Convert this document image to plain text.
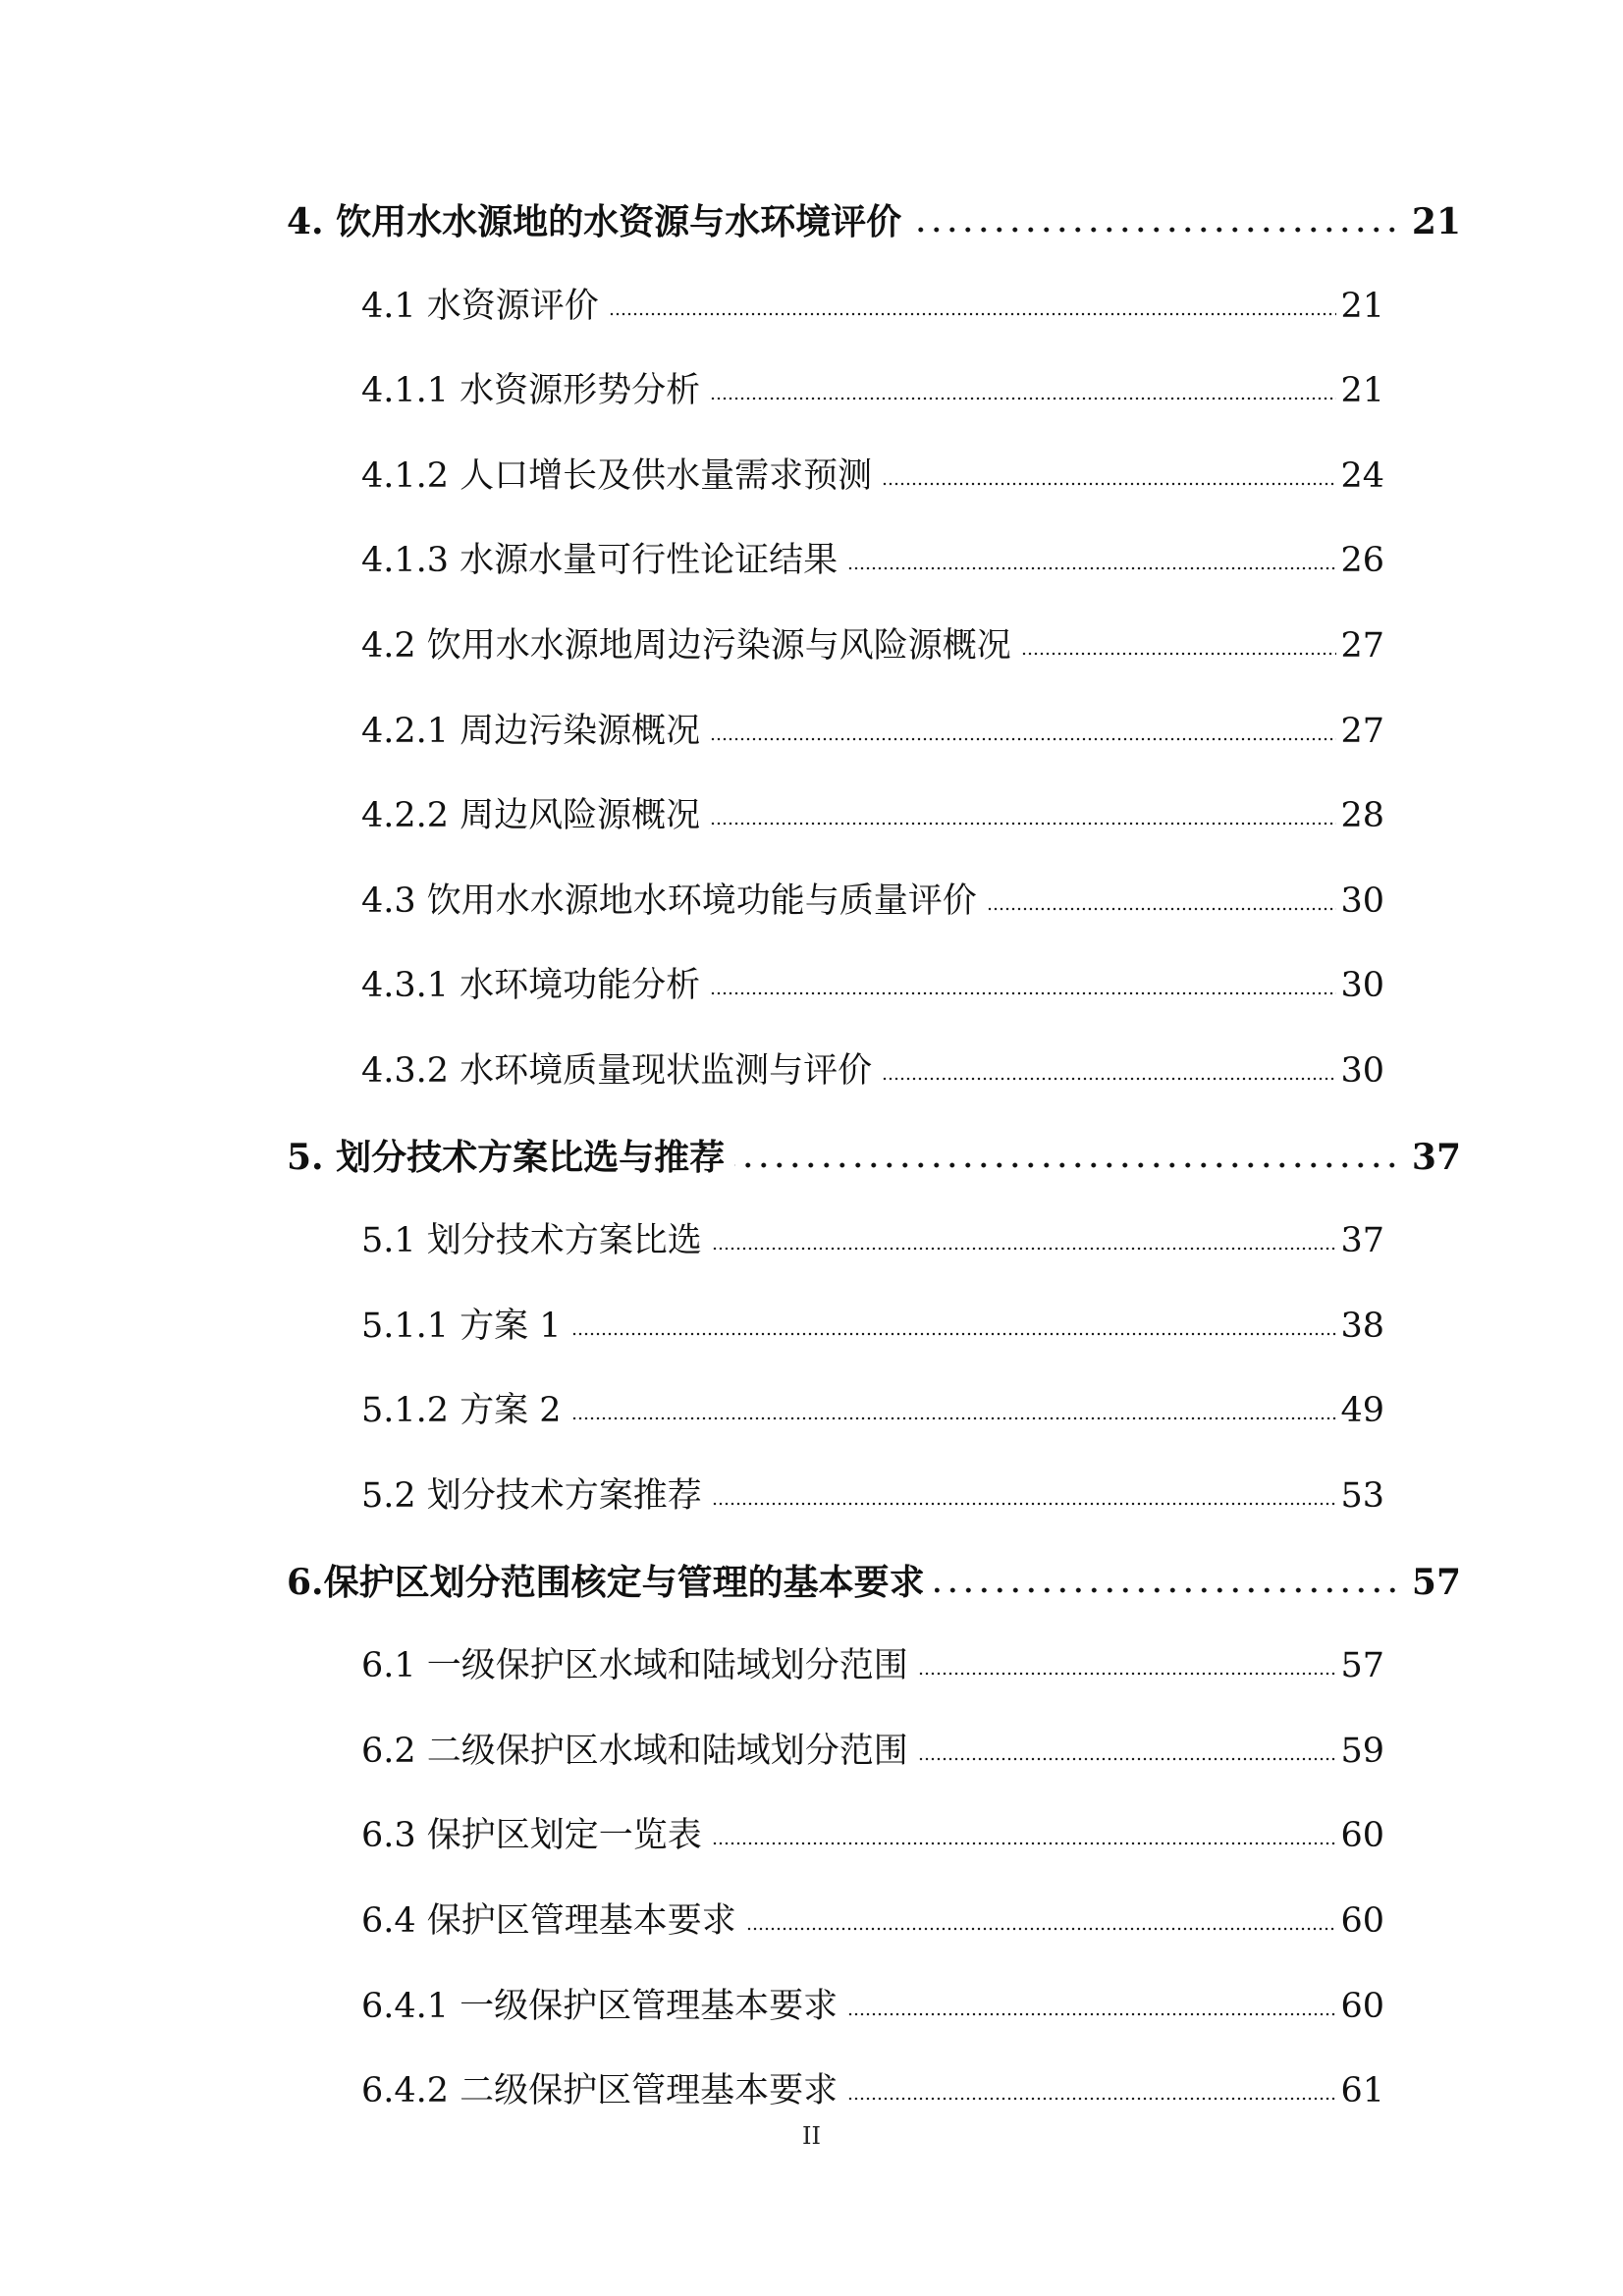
4. 饮用水水源地的水资源与水环境评价	21
4.1 水资源评价	21
4.1.1 水资源形势分析	21
4.1.2 人口增长及供水量需求预测	24
4.1.3 水源水量可行性论证结果	26
4.2 饮用水水源地周边污染源与风险源概况	27
4.2.1 周边污染源概况	27
4.2.2 周边风险源概况	28
4.3 饮用水水源地水环境功能与质量评价	30
4.3.1 水环境功能分析	30
4.3.2 水环境质量现状监测与评价	30
5. 划分技术方案比选与推荐	37
5.1 划分技术方案比选	37
5.1.1 方案 1	38
5.1.2 方案 2	49
5.2 划分技术方案推荐	53
6.保护区划分范围核定与管理的基本要求	57
6.1 一级保护区水域和陆域划分范围	57
6.2 二级保护区水域和陆域划分范围	59
6.3 保护区划定一览表	60
6.4 保护区管理基本要求	60
6.4.1 一级保护区管理基本要求	60
6.4.2 二级保护区管理基本要求	61
II
